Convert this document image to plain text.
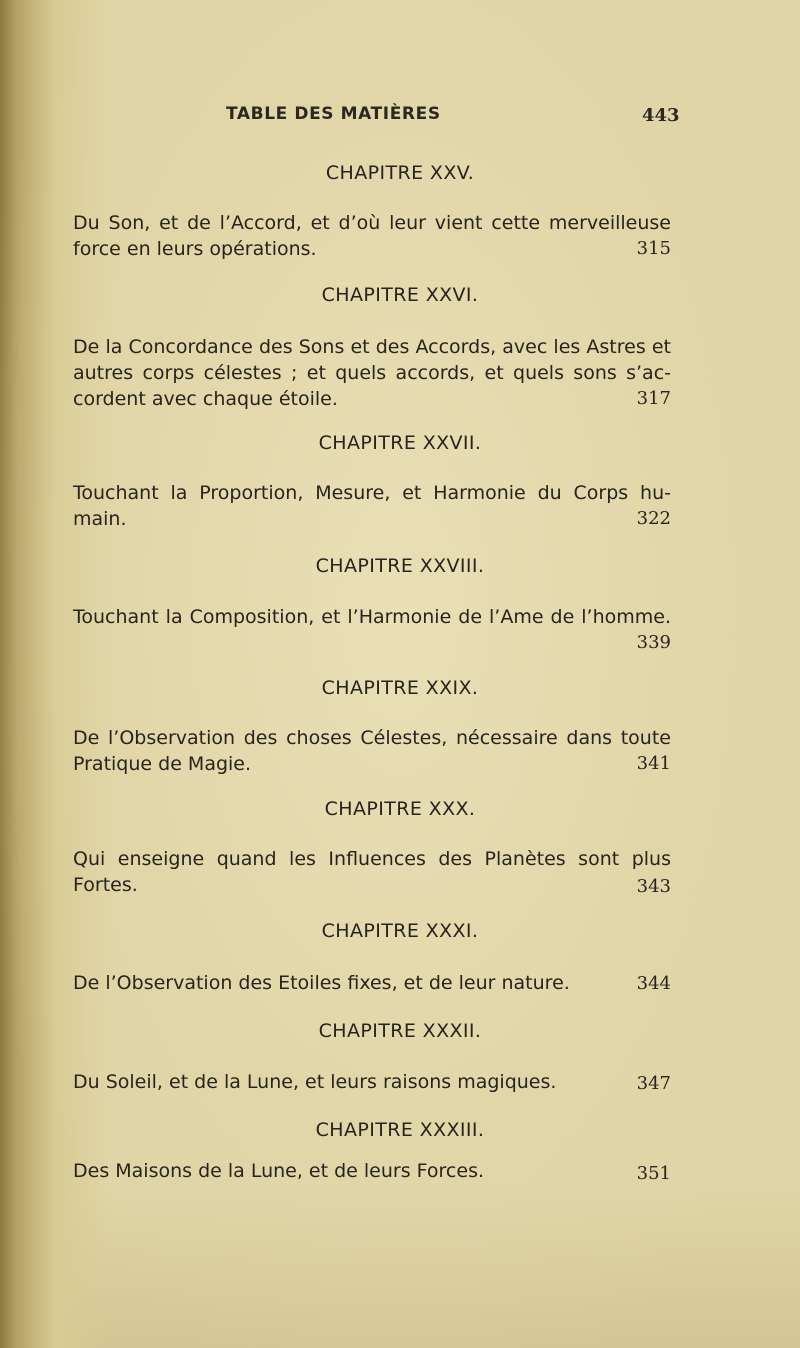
TABLE DES MATIÈRES	443
CHAPITRE XXV.
Du Son, et de l’Accord, et d’où leur vient cette merveilleuse
force en leurs opérations.	315
CHAPITRE XXVI.
De la Concordance des Sons et des Accords, avec les Astres et
autres corps célestes ; et quels accords, et quels sons s’ac-
cordent avec chaque étoile.	317
CHAPITRE XXVII.
Touchant la Proportion, Mesure, et Harmonie du Corps hu-
main.	322
CHAPITRE XXVIII.
Touchant la Composition, et l’Harmonie de l’Ame de l’homme.
339
CHAPITRE XXIX.
De l’Observation des choses Célestes, nécessaire dans toute
Pratique de Magie.	341
CHAPITRE XXX.
Qui enseigne quand les Influences des Planètes sont plus
Fortes.	343
CHAPITRE XXXI.
De l’Observation des Etoiles fixes, et de leur nature.	344
CHAPITRE XXXII.
Du Soleil, et de la Lune, et leurs raisons magiques.	347
CHAPITRE XXXIII.
Des Maisons de la Lune, et de leurs Forces.	351
